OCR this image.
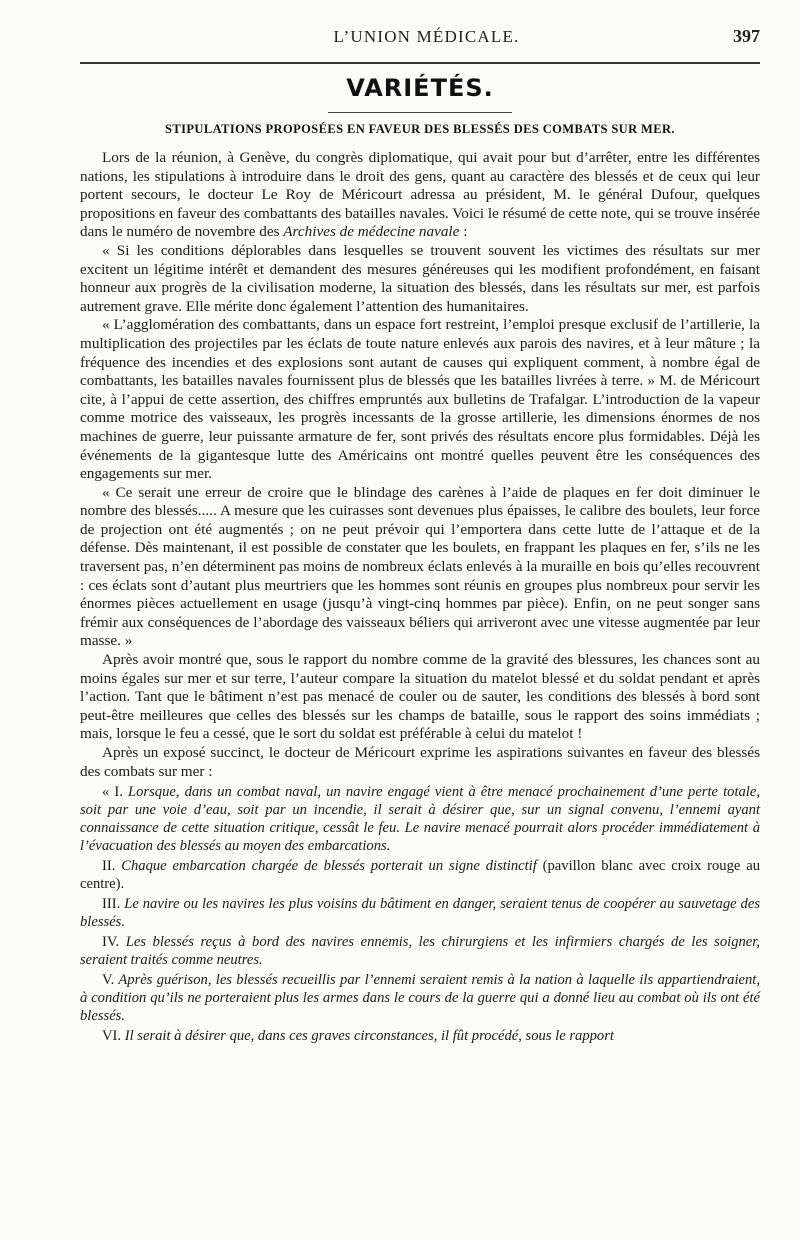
L’UNION MÉDICALE.	397
VARIÉTÉS.
STIPULATIONS PROPOSÉES EN FAVEUR DES BLESSÉS DES COMBATS SUR MER.

Lors de la réunion, à Genève, du congrès diplomatique, qui avait pour but d’arrêter, entre les différentes nations, les stipulations à introduire dans le droit des gens, quant au caractère des blessés et de ceux qui leur portent secours, le docteur Le Roy de Méricourt adressa au président, M. le général Dufour, quelques propositions en faveur des combattants des batailles navales. Voici le résumé de cette note, qui se trouve insérée dans le numéro de novembre des Archives de médecine navale :

« Si les conditions déplorables dans lesquelles se trouvent souvent les victimes des résultats sur mer excitent un légitime intérêt et demandent des mesures généreuses qui les modifient profondément, en faisant honneur aux progrès de la civilisation moderne, la situation des blessés, dans les résultats sur mer, est parfois autrement grave. Elle mérite donc également l’attention des humanitaires.

« L’agglomération des combattants, dans un espace fort restreint, l’emploi presque exclusif de l’artillerie, la multiplication des projectiles par les éclats de toute nature enlevés aux parois des navires, et à leur mâture ; la fréquence des incendies et des explosions sont autant de causes qui expliquent comment, à nombre égal de combattants, les batailles navales fournissent plus de blessés que les batailles livrées à terre. » M. de Méricourt cite, à l’appui de cette assertion, des chiffres empruntés aux bulletins de Trafalgar. L’introduction de la vapeur comme motrice des vaisseaux, les progrès incessants de la grosse artillerie, les dimensions énormes de nos machines de guerre, leur puissante armature de fer, sont privés des résultats encore plus formidables. Déjà les événements de la gigantesque lutte des Américains ont montré quelles peuvent être les conséquences des engagements sur mer.

« Ce serait une erreur de croire que le blindage des carènes à l’aide de plaques en fer doit diminuer le nombre des blessés..... A mesure que les cuirasses sont devenues plus épaisses, le calibre des boulets, leur force de projection ont été augmentés ; on ne peut prévoir qui l’emportera dans cette lutte de l’attaque et de la défense. Dès maintenant, il est possible de constater que les boulets, en frappant les plaques en fer, s’ils ne les traversent pas, n’en déterminent pas moins de nombreux éclats enlevés à la muraille en bois qu’elles recouvrent : ces éclats sont d’autant plus meurtriers que les hommes sont réunis en groupes plus nombreux pour servir les énormes pièces actuellement en usage (jusqu’à vingt-cinq hommes par pièce). Enfin, on ne peut songer sans frémir aux conséquences de l’abordage des vaisseaux béliers qui arriveront avec une vitesse augmentée par leur masse. »

Après avoir montré que, sous le rapport du nombre comme de la gravité des blessures, les chances sont au moins égales sur mer et sur terre, l’auteur compare la situation du matelot blessé et du soldat pendant et après l’action. Tant que le bâtiment n’est pas menacé de couler ou de sauter, les conditions des blessés à bord sont peut-être meilleures que celles des blessés sur les champs de bataille, sous le rapport des soins immédiats ; mais, lorsque le feu a cessé, que le sort du soldat est préférable à celui du matelot !

Après un exposé succinct, le docteur de Méricourt exprime les aspirations suivantes en faveur des blessés des combats sur mer :

« I. Lorsque, dans un combat naval, un navire engagé vient à être menacé prochainement d’une perte totale, soit par une voie d’eau, soit par un incendie, il serait à désirer que, sur un signal convenu, l’ennemi ayant connaissance de cette situation critique, cessât le feu. Le navire menacé pourrait alors procéder immédiatement à l’évacuation des blessés au moyen des embarcations.

II. Chaque embarcation chargée de blessés porterait un signe distinctif (pavillon blanc avec croix rouge au centre).

III. Le navire ou les navires les plus voisins du bâtiment en danger, seraient tenus de coopérer au sauvetage des blessés.

IV. Les blessés reçus à bord des navires ennemis, les chirurgiens et les infirmiers chargés de les soigner, seraient traités comme neutres.

V. Après guérison, les blessés recueillis par l’ennemi seraient remis à la nation à laquelle ils appartiendraient, à condition qu’ils ne porteraient plus les armes dans le cours de la guerre qui a donné lieu au combat où ils ont été blessés.

VI. Il serait à désirer que, dans ces graves circonstances, il fût procédé, sous le rapport
